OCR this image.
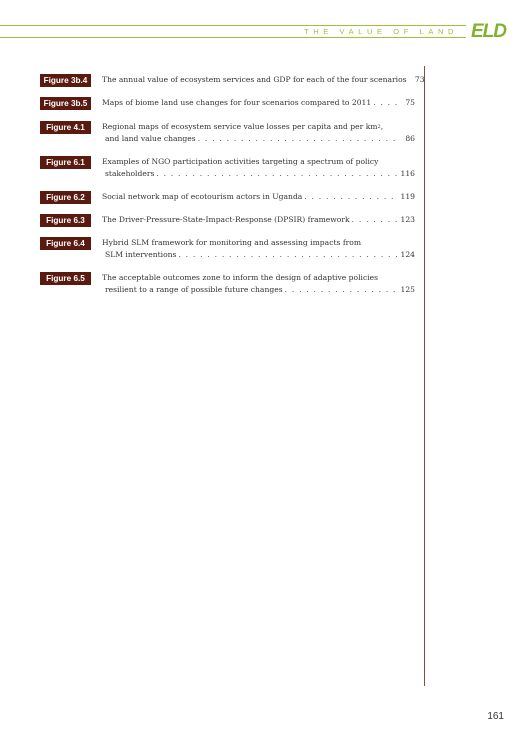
THE VALUE OF LAND ELD
Figure 3b.4	The annual value of ecosystem services and GDP for each of the four scenarios	73
Figure 3b.5	Maps of biome land use changes for four scenarios compared to 2011 . . .	75
Figure 4.1	Regional maps of ecosystem service value losses per capita and per km 2 ,
and land value changes . . .	86
Figure 6.1	Examples of NGO participation activities targeting a spectrum of policy
stakeholders . . .	116
Figure 6.2	Social network map of ecotourism actors in Uganda . . .	119
Figure 6.3	The Driver-Pressure-State-Impact-Response (DPSIR) framework . . .	123
Figure 6.4	Hybrid SLM framework for monitoring and assessing impacts from
SLM interventions . . .	124
Figure 6.5	The acceptable outcomes zone to inform the design of adaptive policies
resilient to a range of possible future changes . . .	125
161
